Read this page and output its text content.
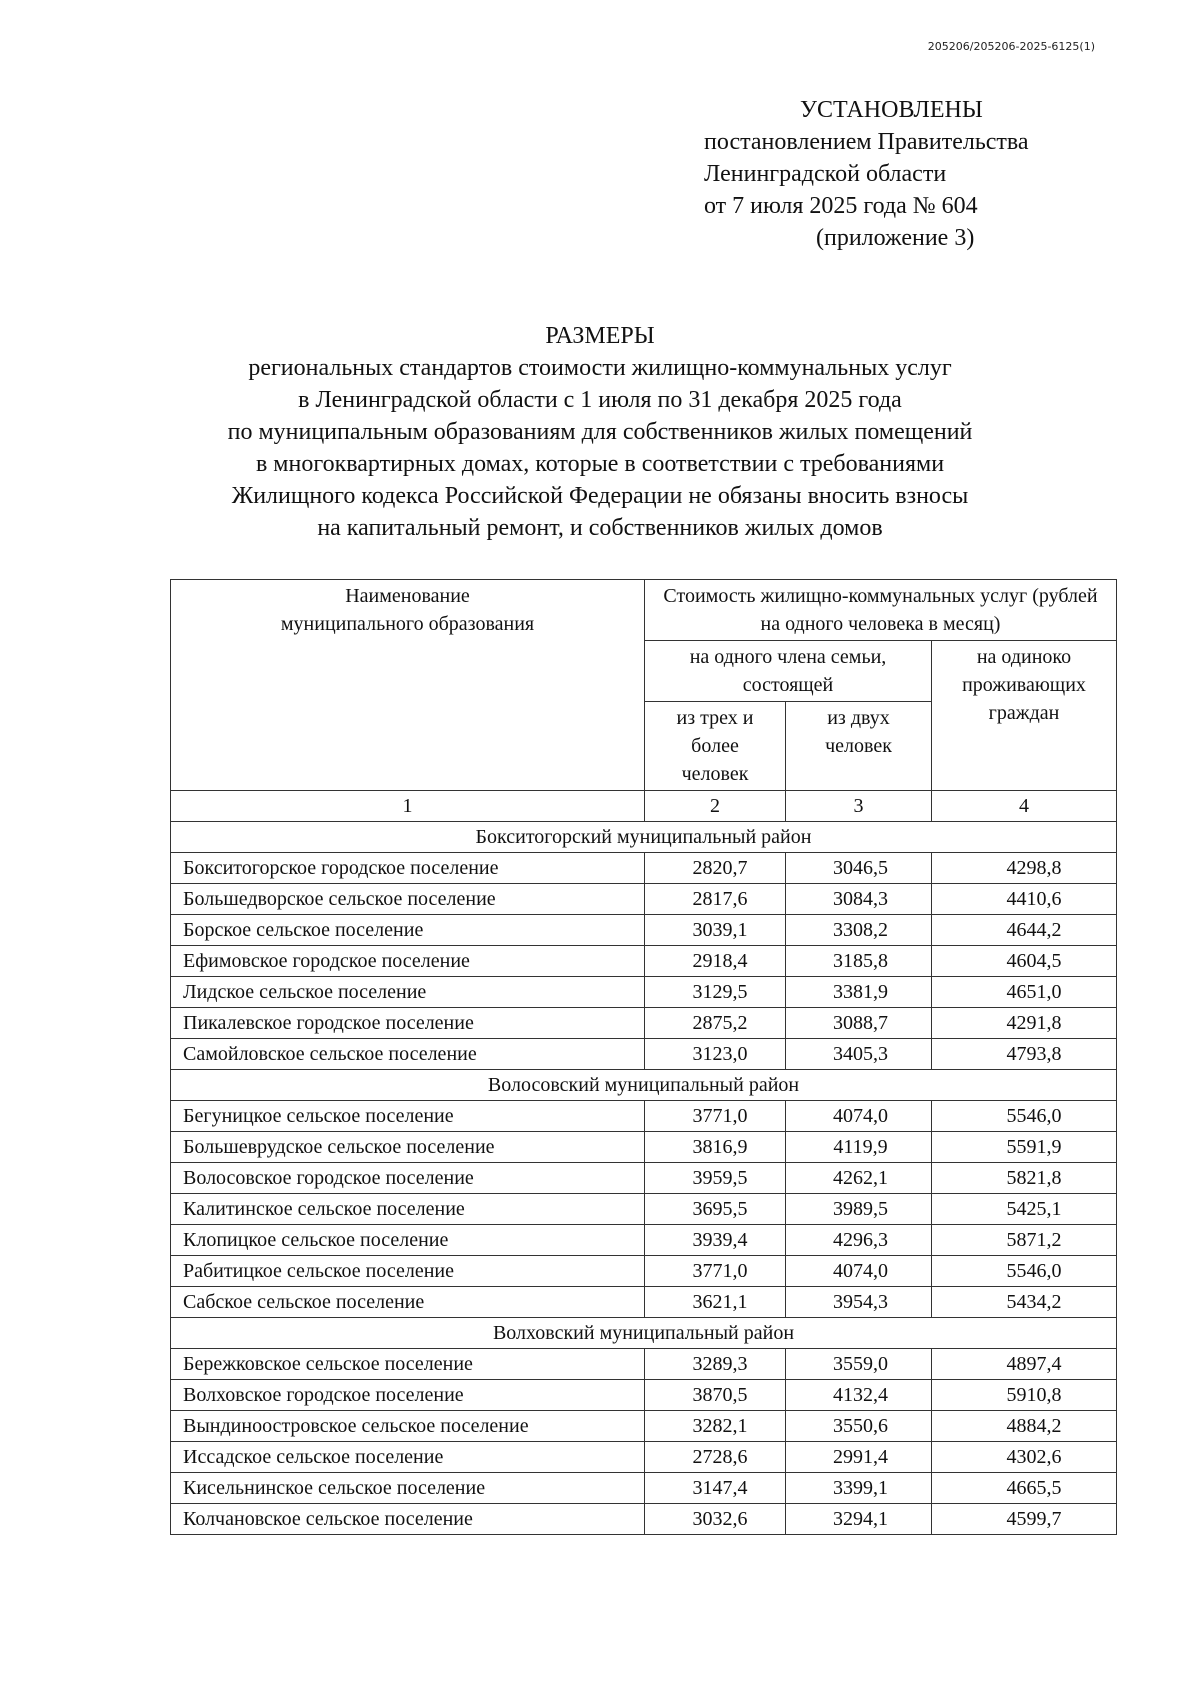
205206/205206-2025-6125(1)
УСТАНОВЛЕНЫ
постановлением Правительства
Ленинградской области
от 7 июля 2025 года № 604
(приложение 3)
РАЗМЕРЫ
региональных стандартов стоимости жилищно-коммунальных услуг
в Ленинградской области с 1 июля по 31 декабря 2025 года
по муниципальным образованиям для собственников жилых помещений
в многоквартирных домах, которые в соответствии с требованиями
Жилищного кодекса Российской Федерации не обязаны вносить взносы
на капитальный ремонт, и собственников жилых домов
Наименование муниципального образования	Стоимость жилищно-коммунальных услуг (рублей на одного человека в месяц)		

	на одного члена семьи, состоящей		на одиноко проживающих граждан

	из трех и более человек	из двух человек	

1	2	3	4
Бокситогорский муниципальный район			
Бокситогорское городское поселение	2820,7	3046,5	4298,8
Большедворское сельское поселение	2817,6	3084,3	4410,6
Борское сельское поселение	3039,1	3308,2	4644,2
Ефимовское городское поселение	2918,4	3185,8	4604,5
Лидское сельское поселение	3129,5	3381,9	4651,0
Пикалевское городское поселение	2875,2	3088,7	4291,8
Самойловское сельское поселение	3123,0	3405,3	4793,8
Волосовский муниципальный район			
Бегуницкое сельское поселение	3771,0	4074,0	5546,0
Большеврудское сельское поселение	3816,9	4119,9	5591,9
Волосовское городское поселение	3959,5	4262,1	5821,8
Калитинское сельское поселение	3695,5	3989,5	5425,1
Клопицкое сельское поселение	3939,4	4296,3	5871,2
Рабитицкое сельское поселение	3771,0	4074,0	5546,0
Сабское сельское поселение	3621,1	3954,3	5434,2
Волховский муниципальный район			
Бережковское сельское поселение	3289,3	3559,0	4897,4
Волховское городское поселение	3870,5	4132,4	5910,8
Вындиноостровское сельское поселение	3282,1	3550,6	4884,2
Иссадское сельское поселение	2728,6	2991,4	4302,6
Кисельнинское сельское поселение	3147,4	3399,1	4665,5
Колчановское сельское поселение	3032,6	3294,1	4599,7
